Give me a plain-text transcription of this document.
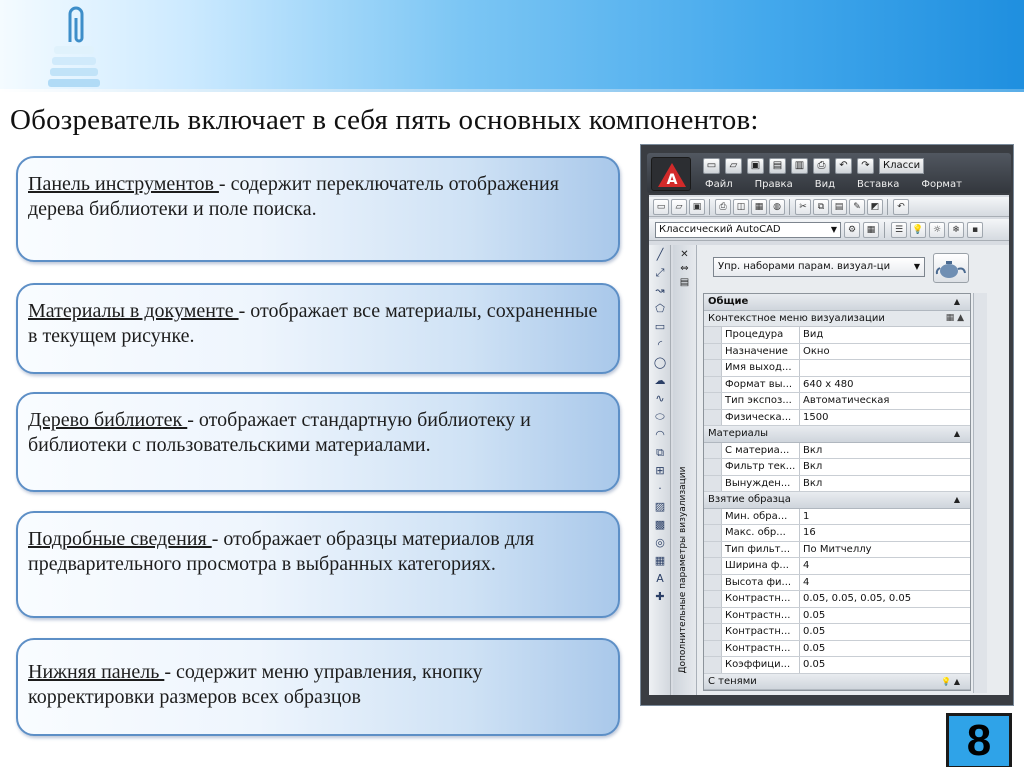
Обозреватель включает в себя пять основных компонентов:
Панель инструментов - содержит переключатель отображения дерева библиотеки и поле поиска.
Материалы в документе - отображает все материалы, сохраненные в текущем рисунке.
Дерево библиотек - отображает стандартную библиотеку и библиотеки с пользовательскими материалами.
Подробные сведения - отображает образцы материалов для предварительного просмотра в выбранных категориях.
Нижняя панель - содержит меню управления, кнопку корректировки размеров всех образцов
A
▭	▱	▣	▤	▥	⎙	↶	↷	Класси
Файл Правка Вид Вставка Формат
▭	▱	▣	⎙	◫	▦	◍	✂	⧉	▤	✎	◩	↶
Классический AutoCAD	▼	⚙	▦	☰	💡	☼	❄	▪
╱
⤢
↝
⬠
▭
◜
◯
☁
∿
⬭
◠
⧉
⊞
·
▨
▩
◎
▦
A
✚
✕
⇔
▤
Дополнительные параметры визуализации
Упр. наборами парам. визуал-ци	▼
Общие	▲
Контекстное меню визуализации	▦ ▲
Процедура	Вид
Назначение	Окно
Имя выход...
Формат вы...	640 x 480
Тип экспоз...	Автоматическая
Физическа...	1500
Материалы	▲
С материа...	Вкл
Фильтр тек... Вкл
Вынужден...	Вкл
Взятие образца	▲
Мин. обра...	1
Макс. обр...	16
Тип фильт...	По Митчеллу
Ширина ф...	4
Высота фи...	4
Контрастн...	0.05, 0.05, 0.05, 0.05
Контрастн...	0.05
Контрастн...	0.05
Контрастн...	0.05
Коэффици...	0.05
С тенями	💡 ▲
8
